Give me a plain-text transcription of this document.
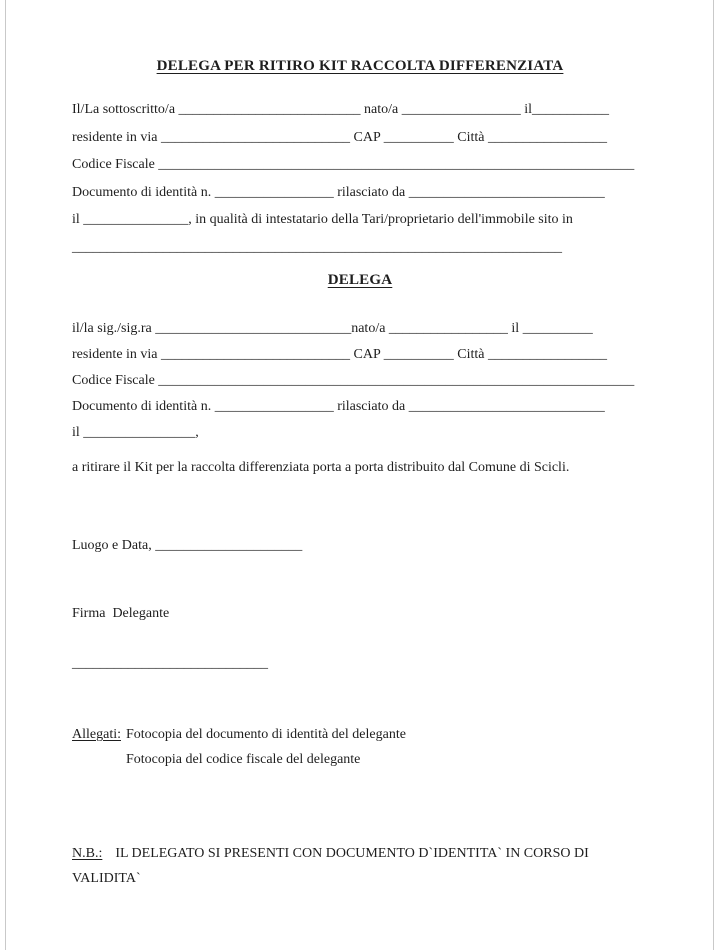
DELEGA PER RITIRO KIT RACCOLTA DIFFERENZIATA
Il/La sottoscritto/a __________________________ nato/a _________________ il___________
residente in via ___________________________ CAP __________ Città _________________
Codice Fiscale ____________________________________________________________________
Documento di identità n. _________________ rilasciato da ____________________________
il _______________, in qualità di intestatario della Tari/proprietario dell'immobile sito in
______________________________________________________________________
DELEGA
il/la sig./sig.ra ____________________________nato/a _________________ il __________
residente in via ___________________________ CAP __________ Città _________________
Codice Fiscale ____________________________________________________________________
Documento di identità n. _________________ rilasciato da ____________________________
il ________________,
a ritirare il Kit per la raccolta differenziata porta a porta distribuito dal Comune di Scicli.
Luogo e Data, _____________________
Firma  Delegante
____________________________
Allegati: Fotocopia del documento di identità del delegante
Fotocopia del codice fiscale del delegante
N.B.: IL DELEGATO SI PRESENTI CON DOCUMENTO D`IDENTITA` IN CORSO DI
VALIDITA`
